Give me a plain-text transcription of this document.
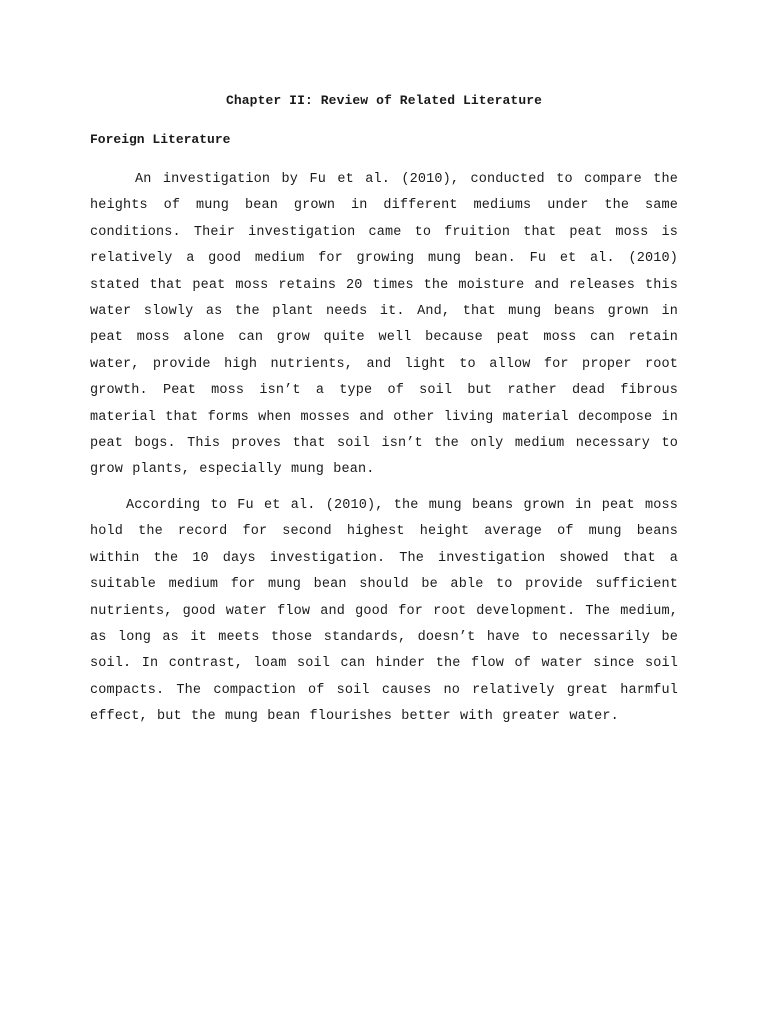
Chapter II: Review of Related Literature
Foreign Literature

An investigation by Fu et al. (2010), conducted to compare the heights of mung bean grown in different mediums under the same conditions. Their investigation came to fruition that peat moss is relatively a good medium for growing mung bean. Fu et al. (2010) stated that peat moss retains 20 times the moisture and releases this water slowly as the plant needs it. And, that mung beans grown in peat moss alone can grow quite well because peat moss can retain water, provide high nutrients, and light to allow for proper root growth. Peat moss isn’t a type of soil but rather dead fibrous material that forms when mosses and other living material decompose in peat bogs. This proves that soil isn’t the only medium necessary to grow plants, especially mung bean.

According to Fu et al. (2010), the mung beans grown in peat moss hold the record for second highest height average of mung beans within the 10 days investigation. The investigation showed that a suitable medium for mung bean should be able to provide sufficient nutrients, good water flow and good for root development. The medium, as long as it meets those standards, doesn’t have to necessarily be soil. In contrast, loam soil can hinder the flow of water since soil compacts. The compaction of soil causes no relatively great harmful effect, but the mung bean flourishes better with greater water.
